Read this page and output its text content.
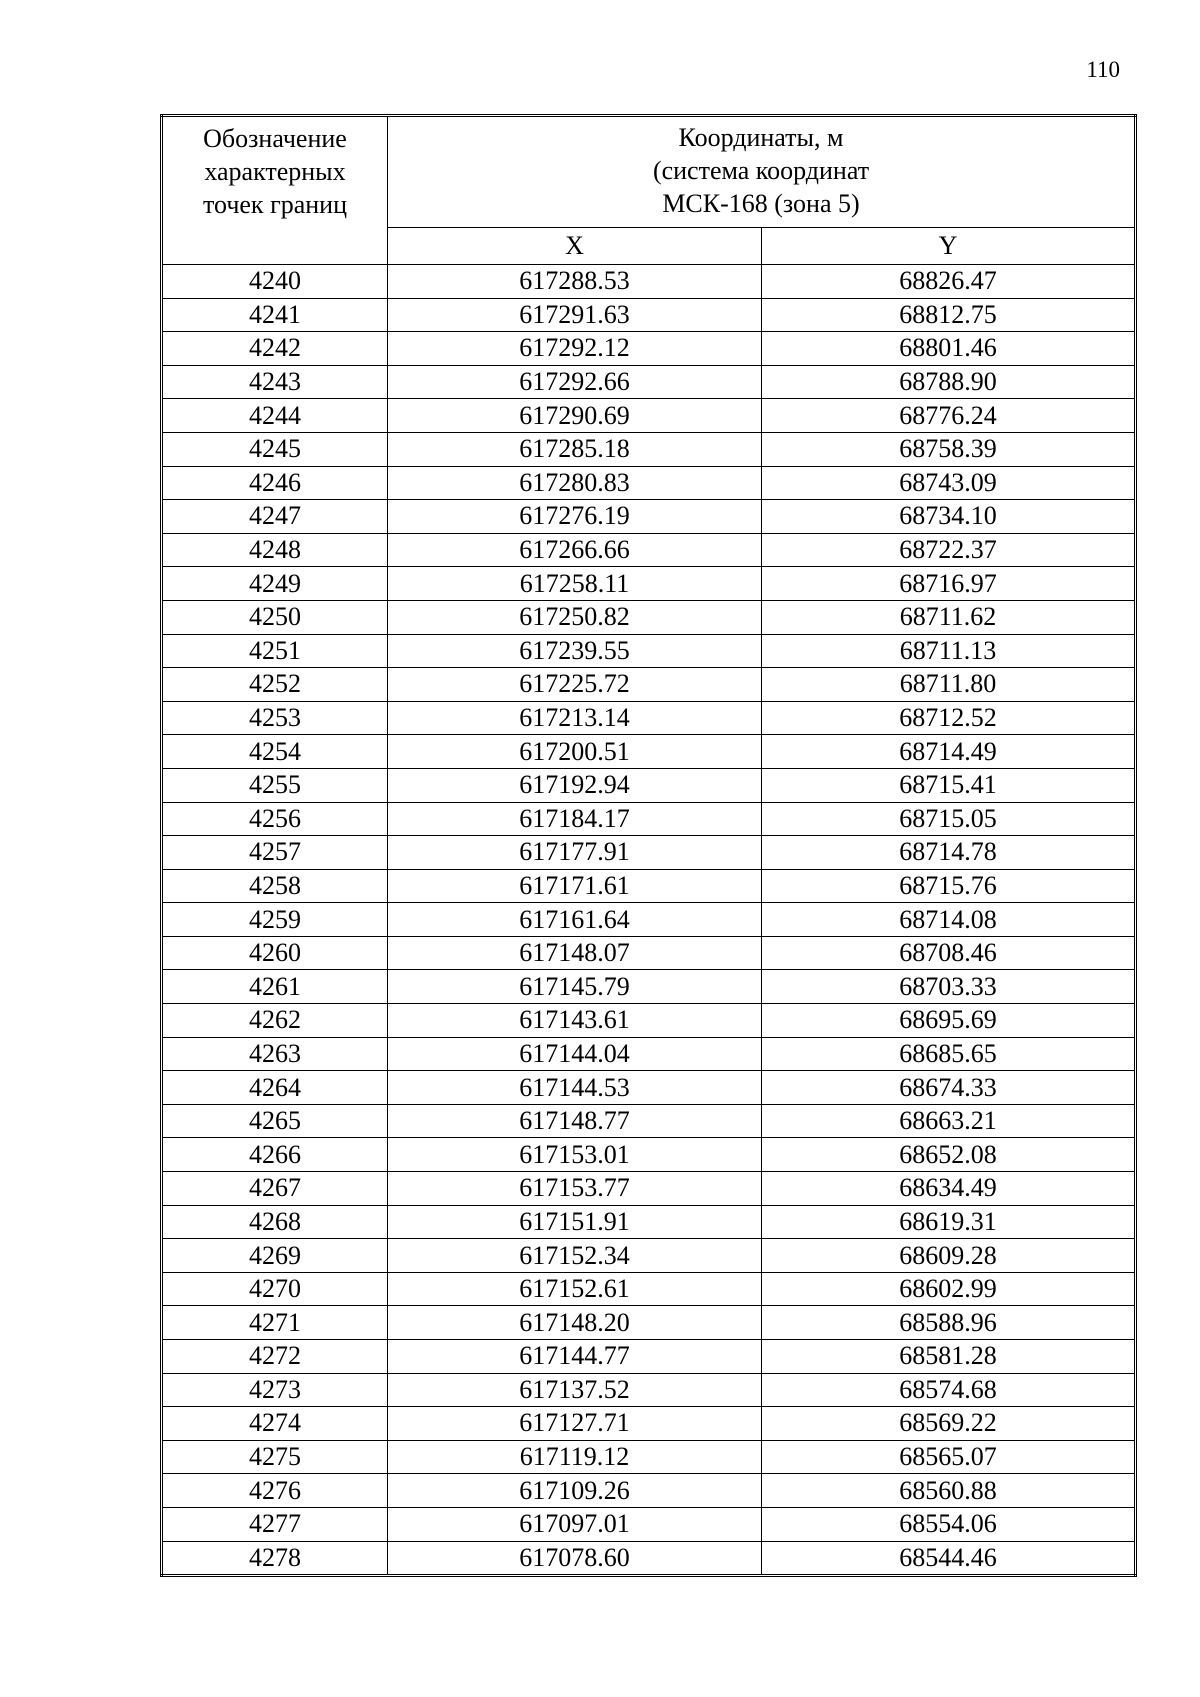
110
Обозначение
характерных
точек границ	Координаты, м
(система координат
МСК-168 (зона 5)	

	X	Y
4240	617288.53	68826.47
4241	617291.63	68812.75
4242	617292.12	68801.46
4243	617292.66	68788.90
4244	617290.69	68776.24
4245	617285.18	68758.39
4246	617280.83	68743.09
4247	617276.19	68734.10
4248	617266.66	68722.37
4249	617258.11	68716.97
4250	617250.82	68711.62
4251	617239.55	68711.13
4252	617225.72	68711.80
4253	617213.14	68712.52
4254	617200.51	68714.49
4255	617192.94	68715.41
4256	617184.17	68715.05
4257	617177.91	68714.78
4258	617171.61	68715.76
4259	617161.64	68714.08
4260	617148.07	68708.46
4261	617145.79	68703.33
4262	617143.61	68695.69
4263	617144.04	68685.65
4264	617144.53	68674.33
4265	617148.77	68663.21
4266	617153.01	68652.08
4267	617153.77	68634.49
4268	617151.91	68619.31
4269	617152.34	68609.28
4270	617152.61	68602.99
4271	617148.20	68588.96
4272	617144.77	68581.28
4273	617137.52	68574.68
4274	617127.71	68569.22
4275	617119.12	68565.07
4276	617109.26	68560.88
4277	617097.01	68554.06
4278	617078.60	68544.46
